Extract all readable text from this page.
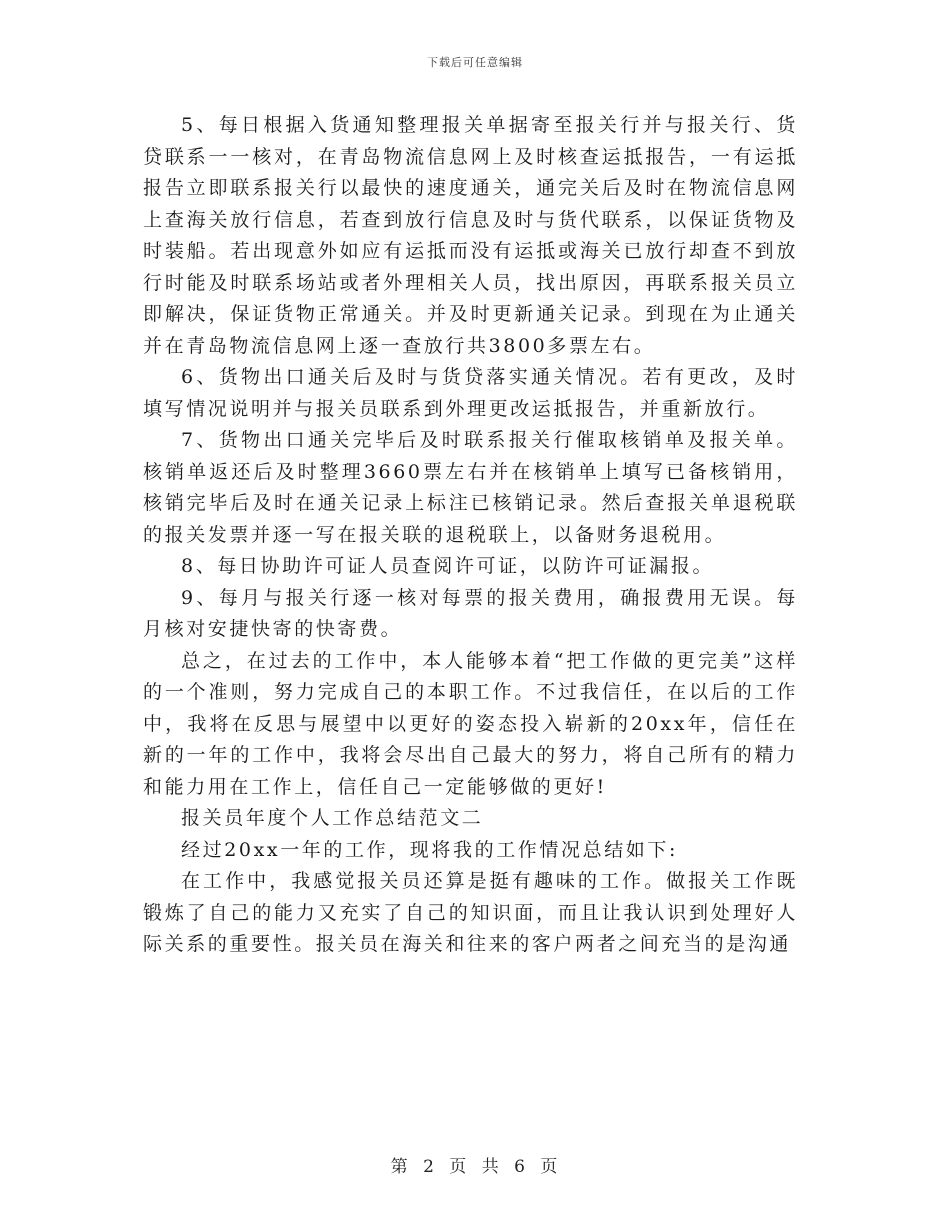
下载后可任意编辑

5、每日根据入货通知整理报关单据寄至报关行并与报关行、货贷联系一一核对，在青岛物流信息网上及时核查运抵报告，一有运抵报告立即联系报关行以最快的速度通关，通完关后及时在物流信息网上查海关放行信息，若查到放行信息及时与货代联系，以保证货物及时装船。若出现意外如应有运抵而没有运抵或海关已放行却查不到放行时能及时联系场站或者外理相关人员，找出原因，再联系报关员立即解决，保证货物正常通关。并及时更新通关记录。到现在为止通关并在青岛物流信息网上逐一查放行共3800多票左右。

6、货物出口通关后及时与货贷落实通关情况。若有更改，及时填写情况说明并与报关员联系到外理更改运抵报告，并重新放行。

7、货物出口通关完毕后及时联系报关行催取核销单及报关单。核销单返还后及时整理3660票左右并在核销单上填写已备核销用，核销完毕后及时在通关记录上标注已核销记录。然后查报关单退税联的报关发票并逐一写在报关联的退税联上，以备财务退税用。

8、每日协助许可证人员查阅许可证，以防许可证漏报。

9、每月与报关行逐一核对每票的报关费用，确报费用无误。每月核对安捷快寄的快寄费。

总之，在过去的工作中，本人能够本着“把工作做的更完美”这样的一个准则，努力完成自己的本职工作。不过我信任，在以后的工作中，我将在反思与展望中以更好的姿态投入崭新的20xx年，信任在新的一年的工作中，我将会尽出自己最大的努力，将自己所有的精力和能力用在工作上，信任自己一定能够做的更好!

报关员年度个人工作总结范文二

经过20xx一年的工作，现将我的工作情况总结如下:

在工作中，我感觉报关员还算是挺有趣味的工作。做报关工作既锻炼了自己的能力又充实了自己的知识面，而且让我认识到处理好人际关系的重要性。报关员在海关和往来的客户两者之间充当的是沟通

第 2 页 共 6 页
